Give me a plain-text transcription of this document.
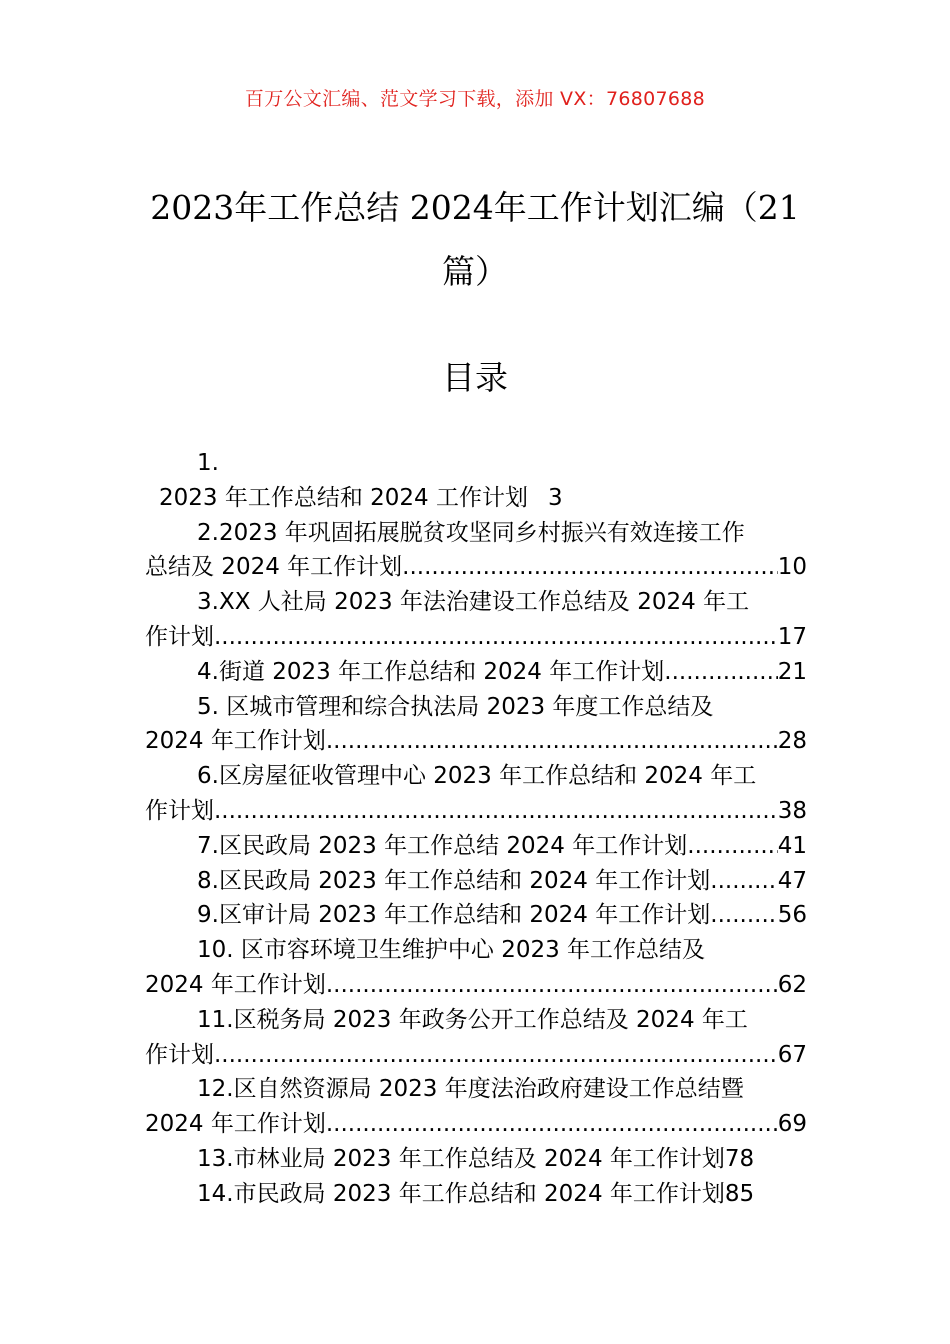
百万公文汇编、范文学习下载，添加 VX：76807688
2023年工作总结 2024年工作计划汇编（21篇）
目录
1.
2023 年工作总结和 2024 工作计划 3
2.2023 年巩固拓展脱贫攻坚同乡村振兴有效连接工作
总结及 2024 年工作计划 .....	10
3.XX 人社局 2023 年法治建设工作总结及 2024 年工
作计划 .....	17
4.街道 2023 年工作总结和 2024 年工作计划 .....	21
5. 区城市管理和综合执法局 2023 年度工作总结及
2024 年工作计划 .....	28
6.区房屋征收管理中心 2023 年工作总结和 2024 年工
作计划 .....	38
7.区民政局 2023 年工作总结 2024 年工作计划 .....	41
8.区民政局 2023 年工作总结和 2024 年工作计划 .....	47
9.区审计局 2023 年工作总结和 2024 年工作计划 .....	56
10. 区市容环境卫生维护中心 2023 年工作总结及
2024 年工作计划 .....	62
11.区税务局 2023 年政务公开工作总结及 2024 年工
作计划 .....	67
12.区自然资源局 2023 年度法治政府建设工作总结暨
2024 年工作计划 .....	69
13.市林业局 2023 年工作总结及 2024 年工作计划 78
14.市民政局 2023 年工作总结和 2024 年工作计划 85
